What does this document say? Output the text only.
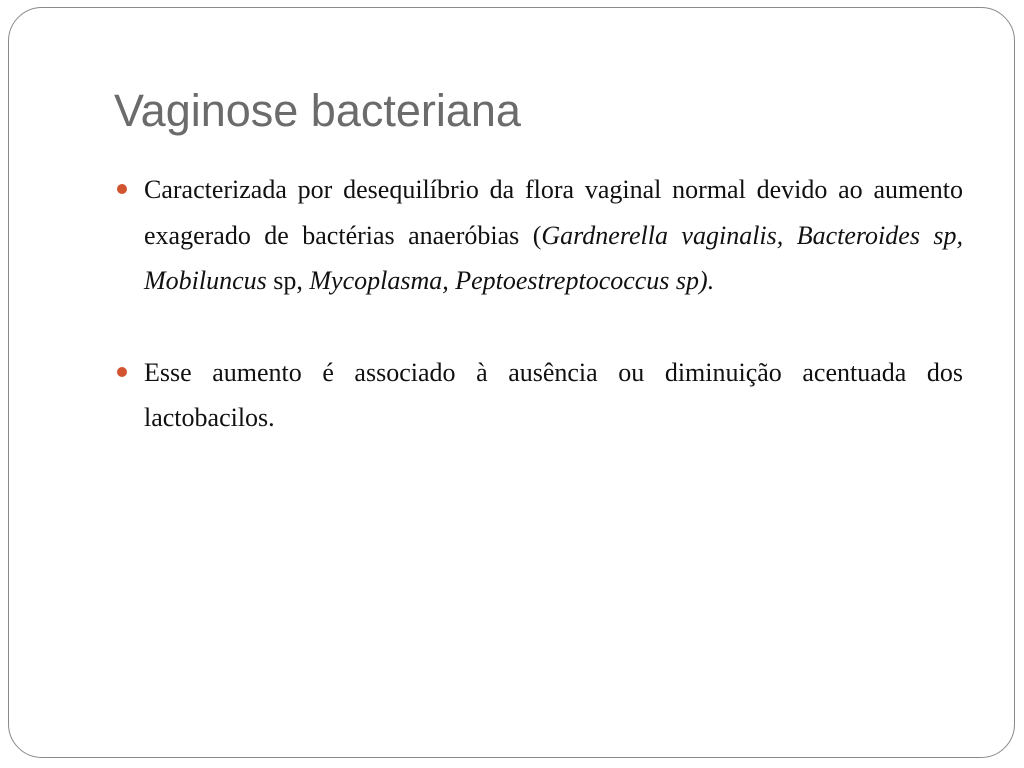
Vaginose bacteriana
Caracterizada por desequilíbrio da flora vaginal normal devido ao aumento exagerado de bactérias anaeróbias (Gardnerella vaginalis, Bacteroides sp, Mobiluncus sp, Mycoplasma, Peptoestreptococcus sp).
Esse aumento é associado à ausência ou diminuição acentuada dos lactobacilos.
